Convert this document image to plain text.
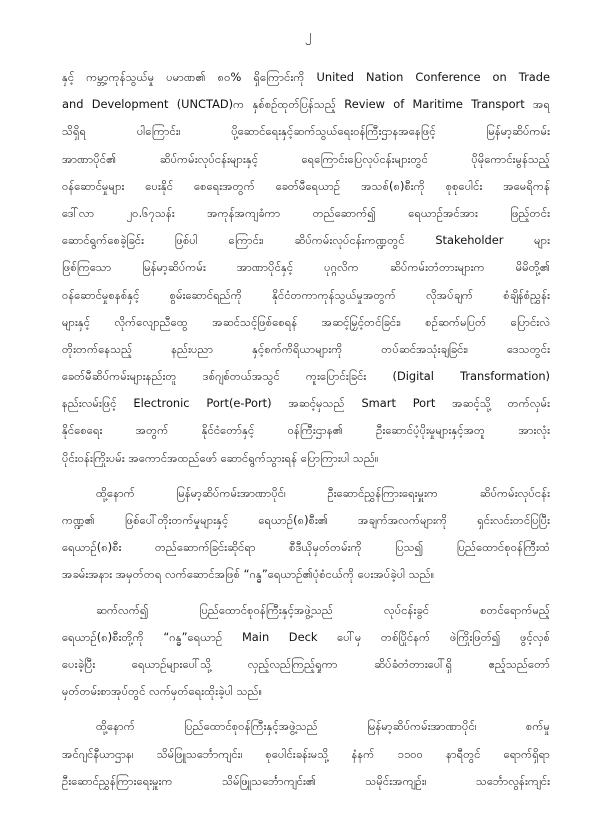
၂
နှင့် ကမ္ဘာ့ကုန်သွယ်မှု ပမာဏ၏ ၈၀% ရှိကြောင်းကို United Nation Conference on Trade
and Development (UNCTAD)က နှစ်စဉ်ထုတ်ပြန်သည့် Review of Maritime Transport အရ
သိရှိရ ပါကြောင်း၊ ပို့ဆောင်ရေးနှင့်ဆက်သွယ်ရေးဝန်ကြီးဌာနအနေဖြင့် မြန်မာ့ဆိပ်ကမ်း
အာဏာပိုင်၏ ဆိပ်ကမ်းလုပ်ငန်းများနှင့် ရေကြောင်းပြေလုပ်ငန်းများတွင် ပိုမိုကောင်းမွန်သည့်
ဝန်ဆောင်မှုများ ပေးနိုင် စေရေးအတွက် ခေတ်မီရေယာဉ် အသစ်(၈)စီးကို စုစုပေါင်း အမေရိကန်
ဒေါ်လာ ၂၀.၆၇သန်း အကုန်အကျခံကာ တည်ဆောက်၍ ရေယာဉ်အင်အား ဖြည့်တင်း
ဆောင်ရွက်စေခဲ့ခြင်း ဖြစ်ပါ ကြောင်း၊ ဆိပ်ကမ်းလုပ်ငန်းကဏ္ဍတွင် Stakeholder များ
ဖြစ်ကြသော မြန်မာ့ဆိပ်ကမ်း အာဏာပိုင်နှင့် ပုဂ္ဂလိက ဆိပ်ကမ်းတံတားများက မိမိတို့၏
ဝန်ဆောင်မှုစနစ်နှင့် စွမ်းဆောင်ရည်ကို နိုင်ငံတကာကုန်သွယ်မှုအတွက် လိုအပ်ချက် စံချိန်စံညွှန်း
များနှင့် လိုက်လျောညီထွေ အဆင်သင့်ဖြစ်စေရန် အဆင့်မြှင့်တင်ခြင်း၊ စဉ်ဆက်မပြတ် ပြောင်းလဲ
တိုးတက်နေသည့် နည်းပညာ နှင့်စက်ကိရိယာများကို တပ်ဆင်အသုံးချခြင်း၊ ဒေသတွင်း
ခေတ်မီဆိပ်ကမ်းများနည်းတူ ဒစ်ဂျစ်တယ်အသွင် ကူးပြောင်းခြင်း (Digital Transformation)
နည်းလမ်းဖြင့် Electronic Port(e-Port) အဆင့်မှသည် Smart Port အဆင့်သို့ တက်လှမ်း
နိုင်စေရေး အတွက် နိုင်ငံတော်နှင့် ဝန်ကြီးဌာန၏ ဦးဆောင်ပံ့ပိုးမှုများနှင့်အတူ အားလုံး
ပိုင်းဝန်းကြိုးပမ်း အကောင်အထည်ဖော် ဆောင်ရွက်သွားရန် ပြောကြားပါ သည်။
ထို့နောက် မြန်မာ့ဆိပ်ကမ်းအာဏာပိုင်၊ ဦးဆောင်ညွှန်ကြားရေးမှူးက ဆိပ်ကမ်းလုပ်ငန်း
ကဏ္ဍ၏ ဖြစ်ပေါ်တိုးတက်မှုများနှင့် ရေယာဉ်(၈)စီး၏ အချက်အလက်များကို ရှင်းလင်းတင်ပြပြီး
ရေယာဉ်(၈)စီး တည်ဆောက်ခြင်းဆိုင်ရာ စီဒီယိုမှတ်တမ်းကို ပြသ၍ ပြည်ထောင်စုဝန်ကြီးထံ
အခမ်းအနား အမှတ်တရ လက်ဆောင်အဖြစ် “ဂန္ဓ”ရေယာဉ်၏ပုံစံငယ်ကို ပေးအပ်ခဲ့ပါ သည်။
ဆက်လက်၍ ပြည်ထောင်စုဝန်ကြီးနှင့်အဖွဲ့သည် လုပ်ငန်းခွင် စတင်ရောက်မည့်
ရေယာဉ်(၈)စီးတို့ကို “ဂန္ဓ”ရေယာဉ် Main Deck ပေါ်မှ တစ်ပြိုင်နက် ဖဲကြိုးဖြတ်၍ ဖွင့်လှစ်
ပေးခဲ့ပြီး ရေယာဉ်များပေါ်သို့ လှည့်လည်ကြည့်ရှုကာ ဆိပ်ခံတံတားပေါ်ရှိ ဧည့်သည်တော်
မှတ်တမ်းစာအုပ်တွင် လက်မှတ်ရေးထိုးခဲ့ပါ သည်။
ထို့နောက် ပြည်ထောင်စုဝန်ကြီးနှင့်အဖွဲ့သည် မြန်မာ့ဆိပ်ကမ်းအာဏာပိုင်၊ စက်မှု
အင်ဂျင်နီယာဌာန၊ သိမ်ဖြူသင်္ဘောကျင်း၊ စုပေါင်းခန်းမသို့ နံနက် ၁၁၀၀ နာရီတွင် ရောက်ရှိရာ
ဦးဆောင်ညွှန်ကြားရေးမှူးက သိမ်ဖြူသင်္ဘောကျင်း၏ သမိုင်းအကျဉ်း၊ သင်္ဘောလွန်းကျင်း
